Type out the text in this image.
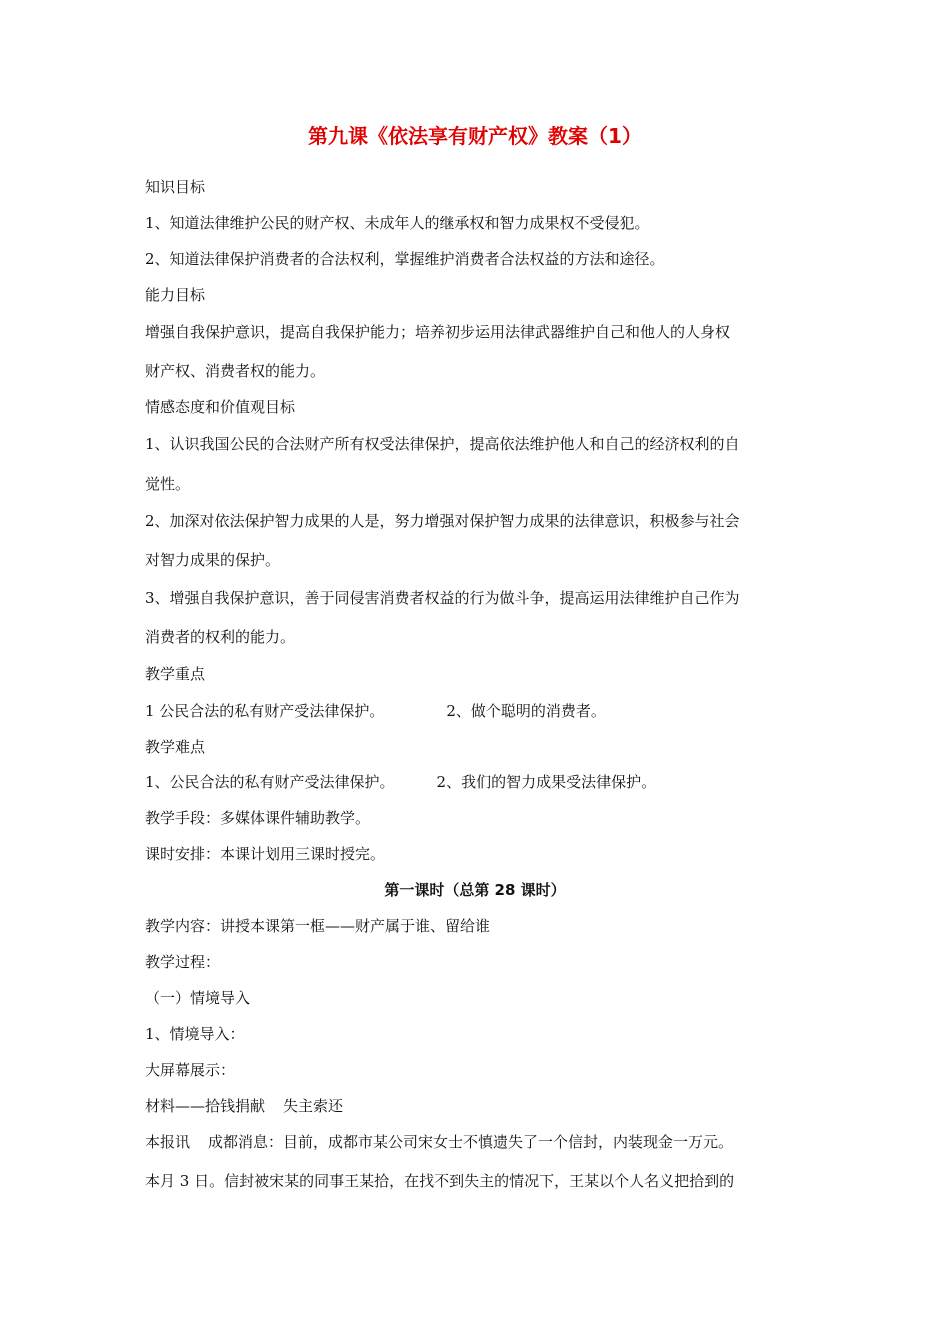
第九课《依法享有财产权》教案（1）
知识目标
1、知道法律维护公民的财产权、未成年人的继承权和智力成果权不受侵犯。
2、知道法律保护消费者的合法权利，掌握维护消费者合法权益的方法和途径。
能力目标
增强自我保护意识，提高自我保护能力；培养初步运用法律武器维护自己和他人的人身权
财产权、消费者权的能力。
情感态度和价值观目标
1、认识我国公民的合法财产所有权受法律保护，提高依法维护他人和自己的经济权利的自
觉性。
2、加深对依法保护智力成果的人是，努力增强对保护智力成果的法律意识，积极参与社会
对智力成果的保护。
3、增强自我保护意识，善于同侵害消费者权益的行为做斗争，提高运用法律维护自己作为
消费者的权利的能力。
教学重点
1 公民合法的私有财产受法律保护。	2、做个聪明的消费者。
教学难点
1、公民合法的私有财产受法律保护。	2、我们的智力成果受法律保护。
教学手段：多媒体课件辅助教学。
课时安排：本课计划用三课时授完。
第一课时（总第 28 课时）
教学内容：讲授本课第一框——财产属于谁、留给谁
教学过程：
（一）情境导入
1、情境导入：
大屏幕展示：
材料——拾钱捐献 失主索还
本报讯 成都消息：目前，成都市某公司宋女士不慎遗失了一个信封，内装现金一万元。
本月 3 日。信封被宋某的同事王某拾，在找不到失主的情况下，王某以个人名义把拾到的
